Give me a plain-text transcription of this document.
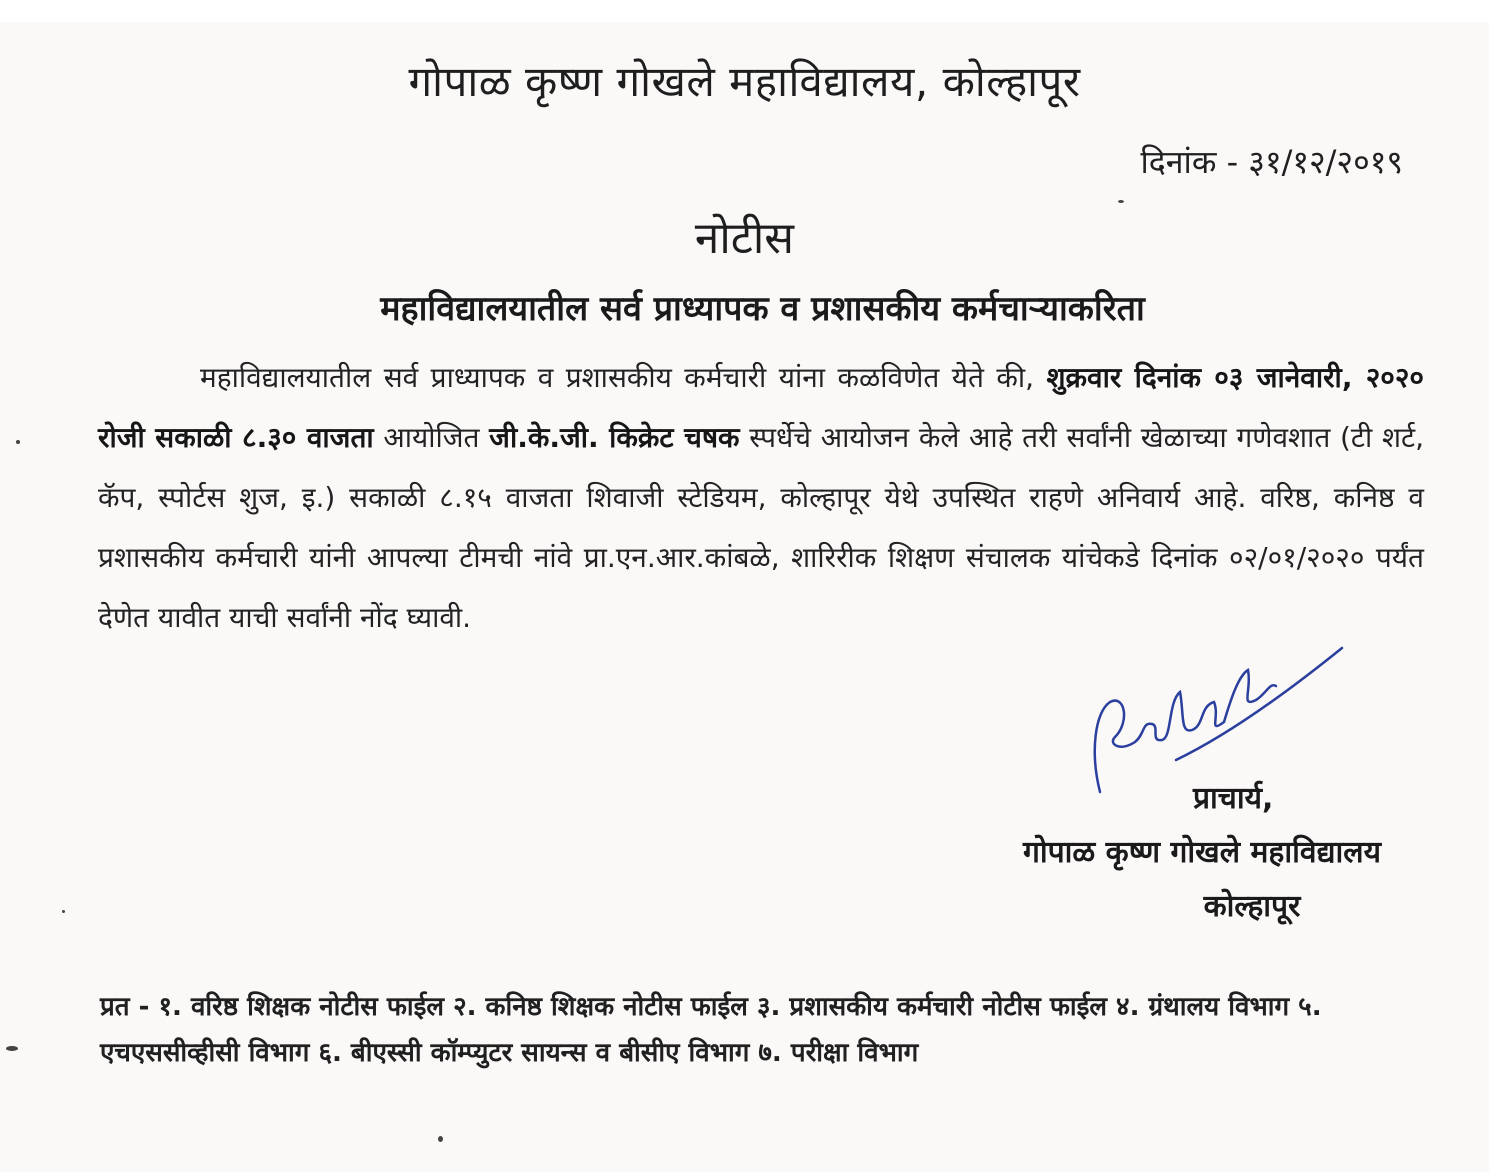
गोपाळ कृष्ण गोखले महाविद्यालय, कोल्हापूर
दिनांक - ३१/१२/२०१९
नोटीस
महाविद्यालयातील सर्व प्राध्यापक व प्रशासकीय कर्मचाऱ्याकरिता
महाविद्यालयातील सर्व प्राध्यापक व प्रशासकीय कर्मचारी यांना कळविणेत येते की, शुक्रवार दिनांक ०३ जानेवारी, २०२० रोजी सकाळी ८.३० वाजता आयोजित जी.के.जी. किक्रेट चषक स्पर्धेचे आयोजन केले आहे तरी सर्वांनी खेळाच्या गणेवशात (टी शर्ट, कॅप, स्पोर्टस शुज, इ.) सकाळी ८.१५ वाजता शिवाजी स्टेडियम, कोल्हापूर येथे उपस्थित राहणे अनिवार्य आहे. वरिष्ठ, कनिष्ठ व प्रशासकीय कर्मचारी यांनी आपल्या टीमची नांवे प्रा.एन.आर.कांबळे, शारिरीक शिक्षण संचालक यांचेकडे दिनांक ०२/०१/२०२० पर्यंत देणेत यावीत याची सर्वांनी नोंद घ्यावी.
प्राचार्य,
गोपाळ कृष्ण गोखले महाविद्यालय
कोल्हापूर
प्रत - १. वरिष्ठ शिक्षक नोटीस फाईल २. कनिष्ठ शिक्षक नोटीस फाईल ३. प्रशासकीय कर्मचारी नोटीस फाईल ४. ग्रंथालय विभाग ५. एचएससीव्हीसी विभाग ६. बीएस्सी कॉम्प्युटर सायन्स व बीसीए विभाग ७. परीक्षा विभाग
